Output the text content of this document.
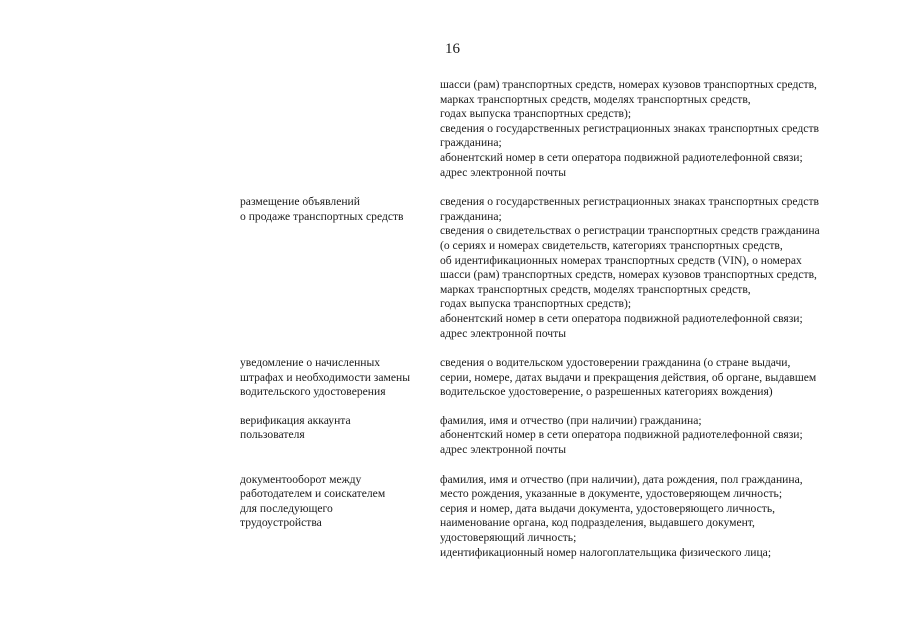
16
шасси (рам) транспортных средств, номерах кузовов транспортных средств,
марках транспортных средств, моделях транспортных средств,
годах выпуска транспортных средств);
сведения о государственных регистрационных знаках транспортных средств
гражданина;
абонентский номер в сети оператора подвижной радиотелефонной связи;
адрес электронной почты
размещение объявлений
о продаже транспортных средств
сведения о государственных регистрационных знаках транспортных средств
гражданина;
сведения о свидетельствах о регистрации транспортных средств гражданина
(о сериях и номерах свидетельств, категориях транспортных средств,
об идентификационных номерах транспортных средств (VIN), о номерах
шасси (рам) транспортных средств, номерах кузовов транспортных средств,
марках транспортных средств, моделях транспортных средств,
годах выпуска транспортных средств);
абонентский номер в сети оператора подвижной радиотелефонной связи;
адрес электронной почты
уведомление о начисленных
штрафах и необходимости замены
водительского удостоверения
сведения о водительском удостоверении гражданина (о стране выдачи,
серии, номере, датах выдачи и прекращения действия, об органе, выдавшем
водительское удостоверение, о разрешенных категориях вождения)
верификация аккаунта
пользователя
фамилия, имя и отчество (при наличии) гражданина;
абонентский номер в сети оператора подвижной радиотелефонной связи;
адрес электронной почты
документооборот между
работодателем и соискателем
для последующего
трудоустройства
фамилия, имя и отчество (при наличии), дата рождения, пол гражданина,
место рождения, указанные в документе, удостоверяющем личность;
серия и номер, дата выдачи документа, удостоверяющего личность,
наименование органа, код подразделения, выдавшего документ,
удостоверяющий личность;
идентификационный номер налогоплательщика физического лица;
